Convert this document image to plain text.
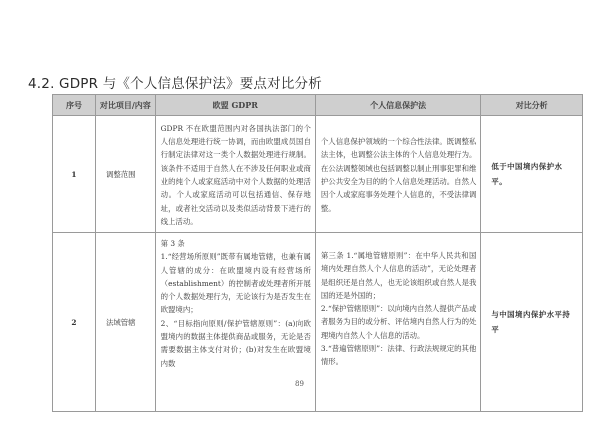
4.2. GDPR 与《个人信息保护法》要点对比分析
序号	对比项目/内容	欧盟 GDPR	个人信息保护法	对比分析
1	调整范围	GDPR 不在欧盟范围内对各国执法部门的个人信息处理进行统一协调，而由欧盟成员国自行制定法律对这一类个人数据处理进行规制。该条件不适用于自然人在不涉及任何职业或商业的纯个人或家庭活动中对个人数据的处理活动。个人或家庭活动可以包括通信、保存地址，或者社交活动以及类似活动背景下进行的线上活动。	个人信息保护领域的一个综合性法律。既调整私法主体，也调整公法主体的个人信息处理行为。在公法调整领域也包括调整以制止刑事犯罪和维护公共安全为目的的个人信息处理活动。自然人因个人或家庭事务处理个人信息的，不受法律调整。	低于中国境内保护水平。

2	法域管辖	第 3 条
1.“经营场所原则”既带有属地管辖，也兼有属人管辖的成分：在欧盟境内设有经营场所（establishment）的控制者或处理者所开展的个人数据处理行为，无论该行为是否发生在欧盟境内；
2、“目标指向原则/保护管辖原则”：(a)向欧盟境内的数据主体提供商品或服务，无论是否需要数据主体支付对价；(b)对发生在欧盟境内数	第三条 1.“属地管辖原则”：在中华人民共和国境内处理自然人个人信息的活动”，无论处理者是组织还是自然人，也无论该组织或自然人是我国的还是外国的；
2.“保护管辖原则”：以向境内自然人提供产品或者服务为目的或分析、评估境内自然人行为的处理境内自然人个人信息的活动。
3.“普遍管辖原则”：法律、行政法规规定的其他情形。	与中国境内保护水平持平
89
